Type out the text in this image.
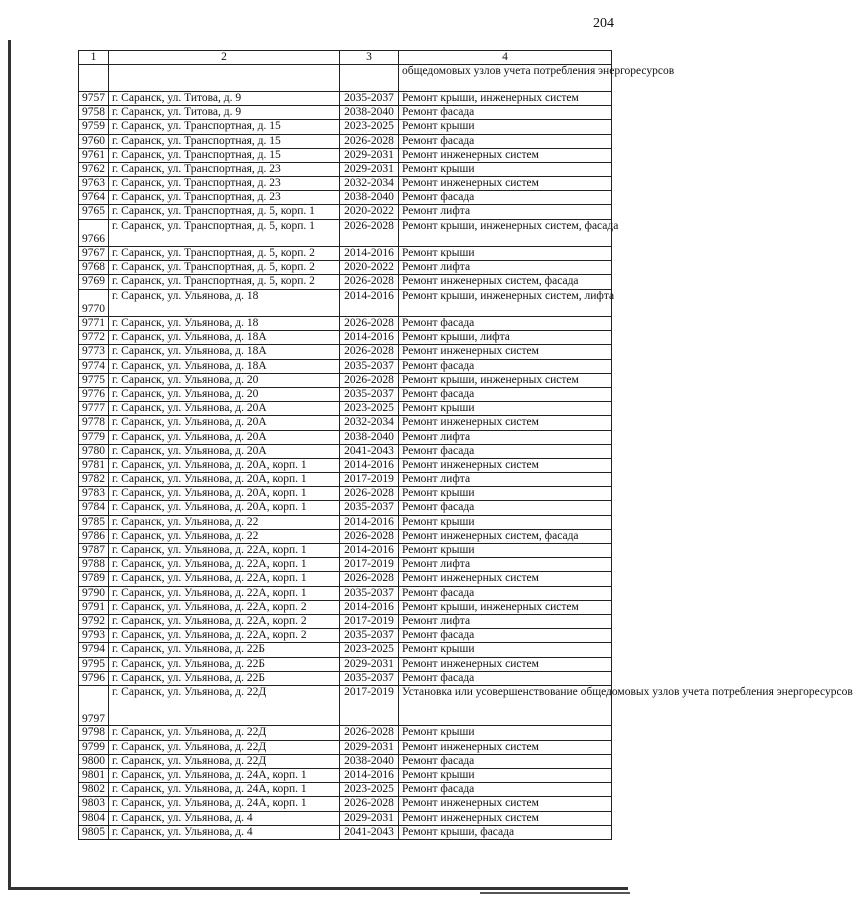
204
1	2	3	4
			общедомовых узлов учета потребления энергоресурсов
9757	г. Саранск, ул. Титова, д. 9	2035-2037	Ремонт крыши, инженерных систем
9758	г. Саранск, ул. Титова, д. 9	2038-2040	Ремонт фасада
9759	г. Саранск, ул. Транспортная, д. 15	2023-2025	Ремонт крыши
9760	г. Саранск, ул. Транспортная, д. 15	2026-2028	Ремонт фасада
9761	г. Саранск, ул. Транспортная, д. 15	2029-2031	Ремонт инженерных систем
9762	г. Саранск, ул. Транспортная, д. 23	2029-2031	Ремонт крыши
9763	г. Саранск, ул. Транспортная, д. 23	2032-2034	Ремонт инженерных систем
9764	г. Саранск, ул. Транспортная, д. 23	2038-2040	Ремонт фасада
9765	г. Саранск, ул. Транспортная, д. 5, корп. 1	2020-2022	Ремонт лифта
9766	г. Саранск, ул. Транспортная, д. 5, корп. 1	2026-2028	Ремонт крыши, инженерных систем, фасада
9767	г. Саранск, ул. Транспортная, д. 5, корп. 2	2014-2016	Ремонт крыши
9768	г. Саранск, ул. Транспортная, д. 5, корп. 2	2020-2022	Ремонт лифта
9769	г. Саранск, ул. Транспортная, д. 5, корп. 2	2026-2028	Ремонт инженерных систем, фасада
9770	г. Саранск, ул. Ульянова, д. 18	2014-2016	Ремонт крыши, инженерных систем, лифта
9771	г. Саранск, ул. Ульянова, д. 18	2026-2028	Ремонт фасада
9772	г. Саранск, ул. Ульянова, д. 18А	2014-2016	Ремонт крыши, лифта
9773	г. Саранск, ул. Ульянова, д. 18А	2026-2028	Ремонт инженерных систем
9774	г. Саранск, ул. Ульянова, д. 18А	2035-2037	Ремонт фасада
9775	г. Саранск, ул. Ульянова, д. 20	2026-2028	Ремонт крыши, инженерных систем
9776	г. Саранск, ул. Ульянова, д. 20	2035-2037	Ремонт фасада
9777	г. Саранск, ул. Ульянова, д. 20А	2023-2025	Ремонт крыши
9778	г. Саранск, ул. Ульянова, д. 20А	2032-2034	Ремонт инженерных систем
9779	г. Саранск, ул. Ульянова, д. 20А	2038-2040	Ремонт лифта
9780	г. Саранск, ул. Ульянова, д. 20А	2041-2043	Ремонт фасада
9781	г. Саранск, ул. Ульянова, д. 20А, корп. 1	2014-2016	Ремонт инженерных систем
9782	г. Саранск, ул. Ульянова, д. 20А, корп. 1	2017-2019	Ремонт лифта
9783	г. Саранск, ул. Ульянова, д. 20А, корп. 1	2026-2028	Ремонт крыши
9784	г. Саранск, ул. Ульянова, д. 20А, корп. 1	2035-2037	Ремонт фасада
9785	г. Саранск, ул. Ульянова, д. 22	2014-2016	Ремонт крыши
9786	г. Саранск, ул. Ульянова, д. 22	2026-2028	Ремонт инженерных систем, фасада
9787	г. Саранск, ул. Ульянова, д. 22А, корп. 1	2014-2016	Ремонт крыши
9788	г. Саранск, ул. Ульянова, д. 22А, корп. 1	2017-2019	Ремонт лифта
9789	г. Саранск, ул. Ульянова, д. 22А, корп. 1	2026-2028	Ремонт инженерных систем
9790	г. Саранск, ул. Ульянова, д. 22А, корп. 1	2035-2037	Ремонт фасада
9791	г. Саранск, ул. Ульянова, д. 22А, корп. 2	2014-2016	Ремонт крыши, инженерных систем
9792	г. Саранск, ул. Ульянова, д. 22А, корп. 2	2017-2019	Ремонт лифта
9793	г. Саранск, ул. Ульянова, д. 22А, корп. 2	2035-2037	Ремонт фасада
9794	г. Саранск, ул. Ульянова, д. 22Б	2023-2025	Ремонт крыши
9795	г. Саранск, ул. Ульянова, д. 22Б	2029-2031	Ремонт инженерных систем
9796	г. Саранск, ул. Ульянова, д. 22Б	2035-2037	Ремонт фасада
9797	г. Саранск, ул. Ульянова, д. 22Д	2017-2019	Установка или усовершенствование общедомовых узлов учета потребления энергоресурсов
9798	г. Саранск, ул. Ульянова, д. 22Д	2026-2028	Ремонт крыши
9799	г. Саранск, ул. Ульянова, д. 22Д	2029-2031	Ремонт инженерных систем
9800	г. Саранск, ул. Ульянова, д. 22Д	2038-2040	Ремонт фасада
9801	г. Саранск, ул. Ульянова, д. 24А, корп. 1	2014-2016	Ремонт крыши
9802	г. Саранск, ул. Ульянова, д. 24А, корп. 1	2023-2025	Ремонт фасада
9803	г. Саранск, ул. Ульянова, д. 24А, корп. 1	2026-2028	Ремонт инженерных систем
9804	г. Саранск, ул. Ульянова, д. 4	2029-2031	Ремонт инженерных систем
9805	г. Саранск, ул. Ульянова, д. 4	2041-2043	Ремонт крыши, фасада
